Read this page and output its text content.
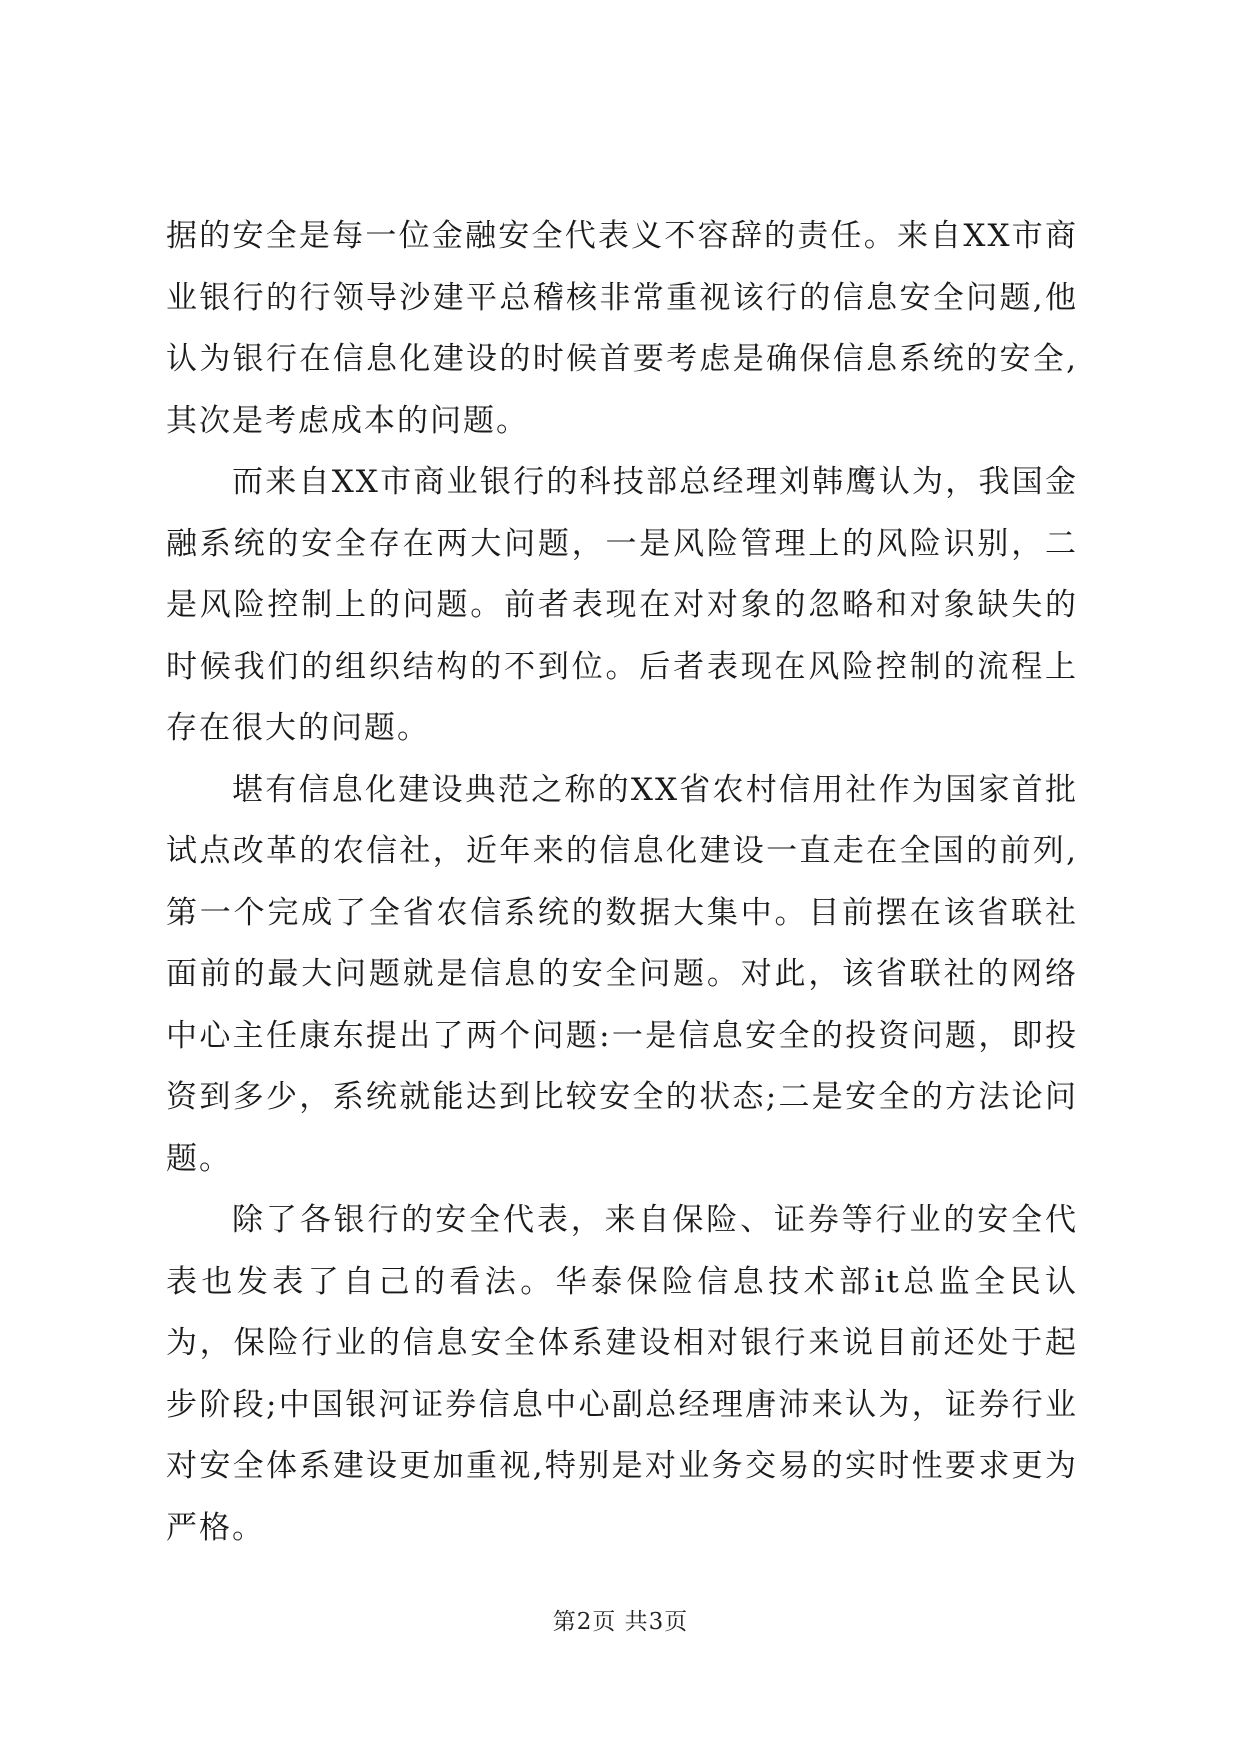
据的安全是每一位金融安全代表义不容辞的责任。来自XX市商业银行的行领导沙建平总稽核非常重视该行的信息安全问题,他认为银行在信息化建设的时候首要考虑是确保信息系统的安全,其次是考虑成本的问题。

而来自XX市商业银行的科技部总经理刘韩鹰认为，我国金融系统的安全存在两大问题，一是风险管理上的风险识别，二是风险控制上的问题。前者表现在对对象的忽略和对象缺失的时候我们的组织结构的不到位。后者表现在风险控制的流程上存在很大的问题。

堪有信息化建设典范之称的XX省农村信用社作为国家首批试点改革的农信社，近年来的信息化建设一直走在全国的前列,第一个完成了全省农信系统的数据大集中。目前摆在该省联社面前的最大问题就是信息的安全问题。对此，该省联社的网络中心主任康东提出了两个问题:一是信息安全的投资问题，即投资到多少，系统就能达到比较安全的状态;二是安全的方法论问题。

除了各银行的安全代表，来自保险、证券等行业的安全代表也发表了自己的看法。华泰保险信息技术部it总监全民认为，保险行业的信息安全体系建设相对银行来说目前还处于起步阶段;中国银河证券信息中心副总经理唐沛来认为，证券行业对安全体系建设更加重视,特别是对业务交易的实时性要求更为严格。

第2页 共3页
